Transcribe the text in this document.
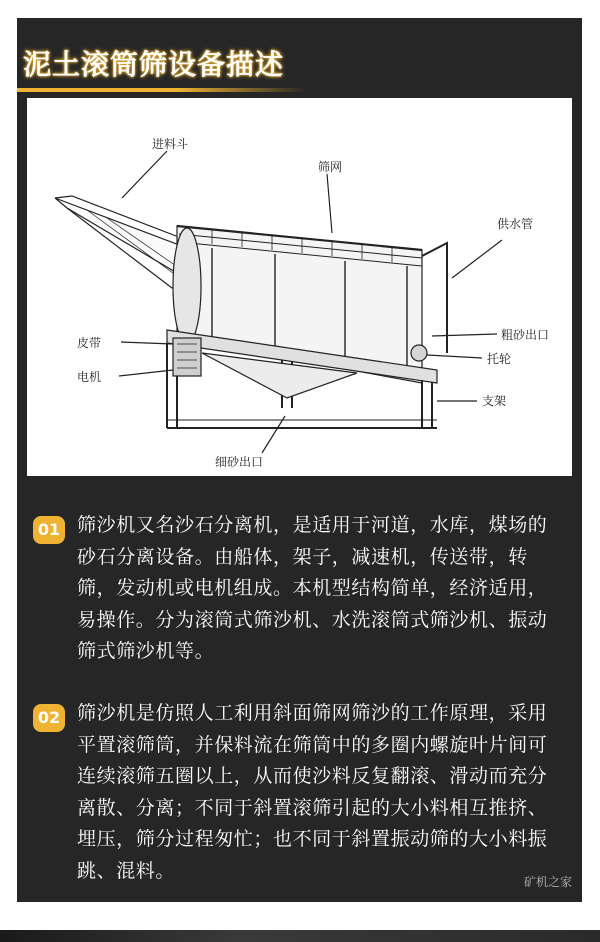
泥土滚筒筛设备描述
进料斗
筛网
供水管
粗砂出口
皮带
托轮
电机
支架
细砂出口
01 筛沙机又名沙石分离机，是适用于河道，水库，煤场的砂石分离设备。由船体，架子，减速机，传送带，转筛，发动机或电机组成。本机型结构简单，经济适用，易操作。分为滚筒式筛沙机、水洗滚筒式筛沙机、振动筛式筛沙机等。

02 筛沙机是仿照人工利用斜面筛网筛沙的工作原理，采用平置滚筛筒，并保料流在筛筒中的多圈内螺旋叶片间可连续滚筛五圈以上，从而使沙料反复翻滚、滑动而充分离散、分离；不同于斜置滚筛引起的大小料相互推挤、埋压，筛分过程匆忙；也不同于斜置振动筛的大小料振跳、混料。

矿机之家
